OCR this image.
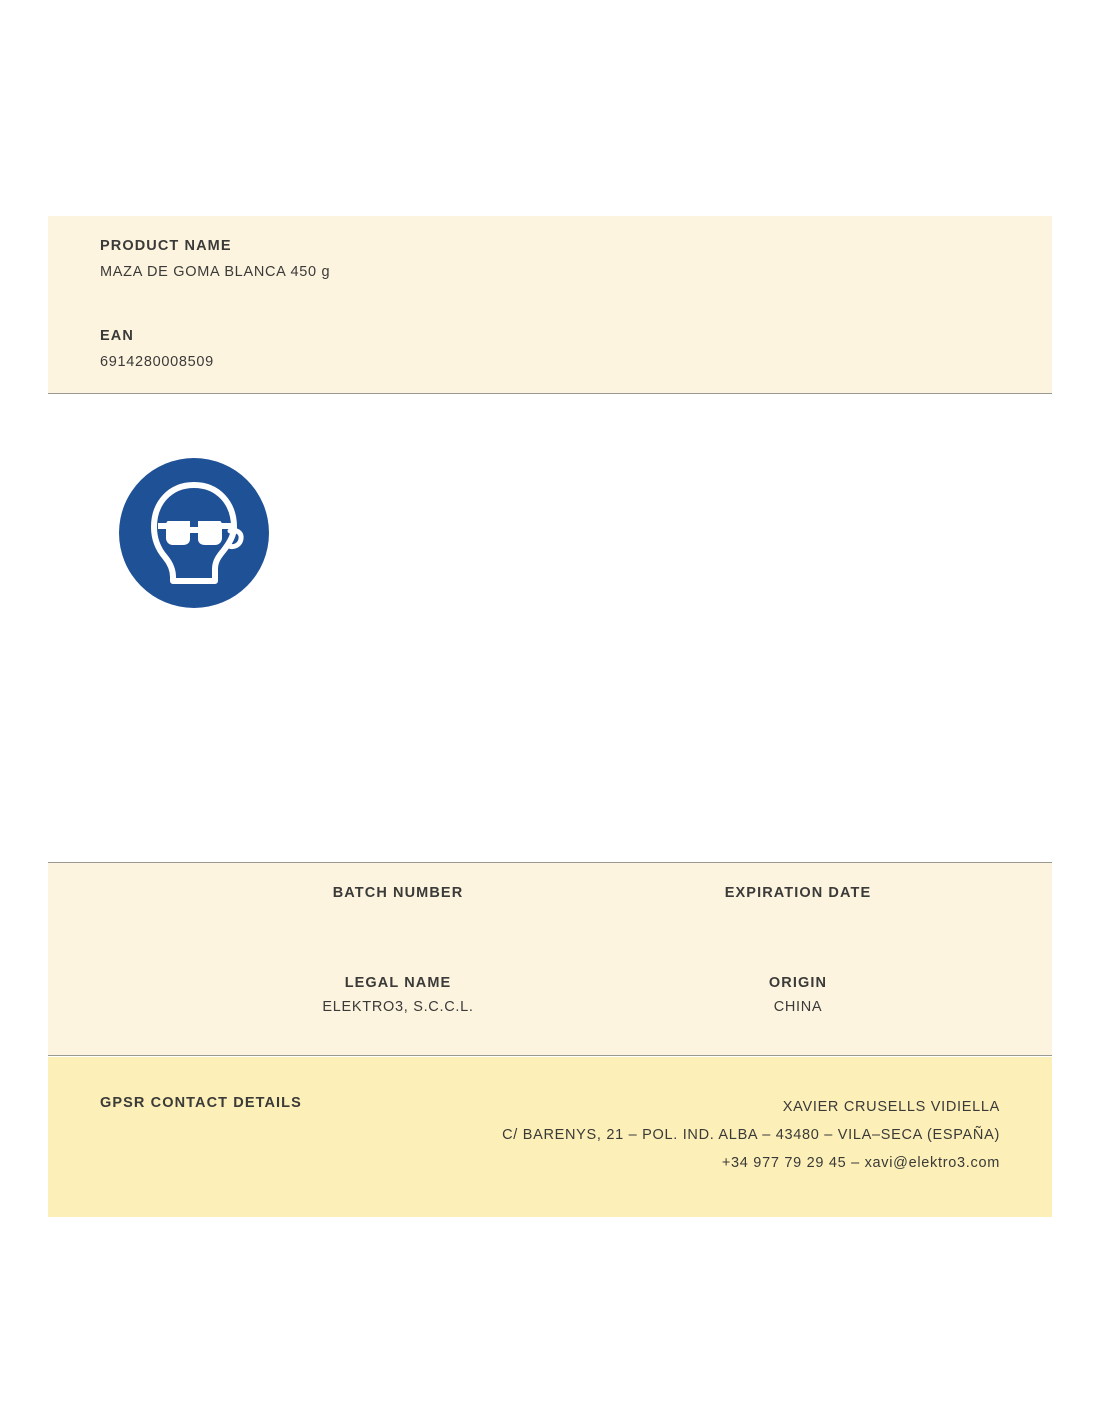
PRODUCT NAME
MAZA DE GOMA BLANCA 450 g
EAN
6914280008509
BATCH NUMBER	EXPIRATION DATE
LEGAL NAME
ELEKTRO3, S.C.C.L.
ORIGIN
CHINA
GPSR CONTACT DETAILS	XAVIER CRUSELLS VIDIELLA
C/ BARENYS, 21 – POL. IND. ALBA – 43480 – VILA–SECA (ESPAÑA)
+34 977 79 29 45 – xavi@elektro3.com
